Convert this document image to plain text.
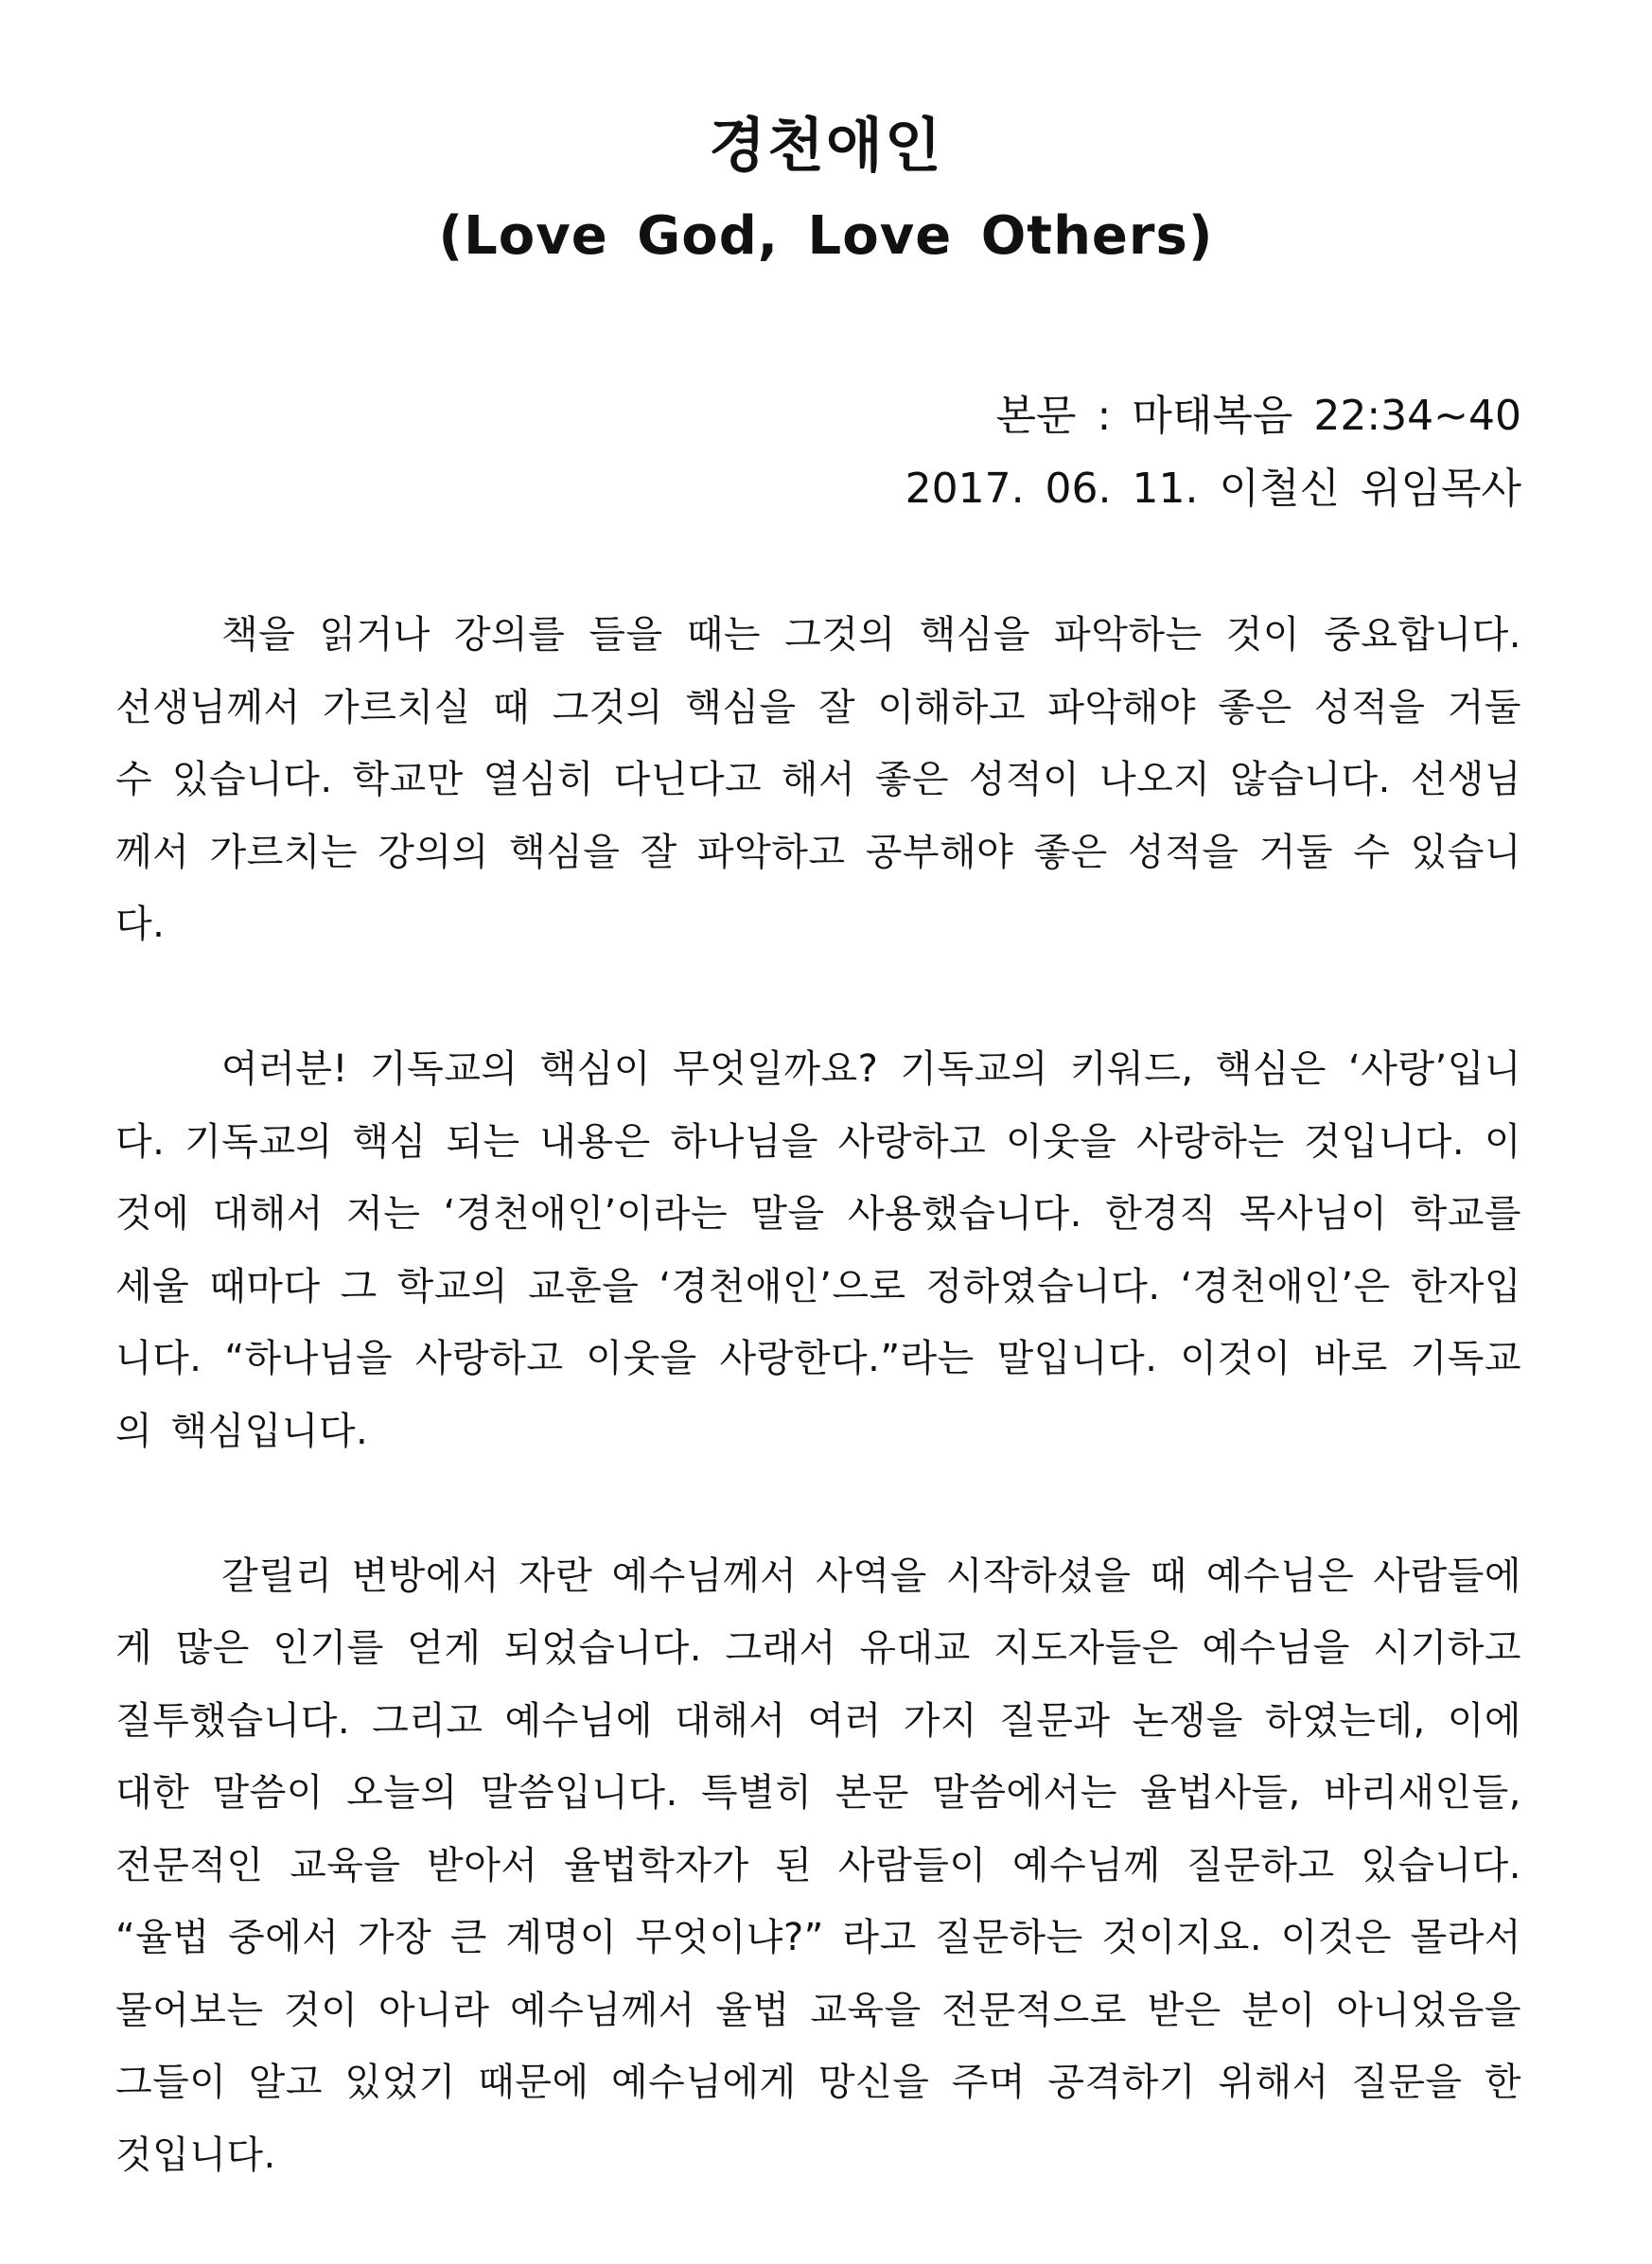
경천애인
(Love God, Love Others)

본문 : 마태복음 22:34~40

2017. 06. 11. 이철신 위임목사

책을 읽거나 강의를 들을 때는 그것의 핵심을 파악하는 것이 중요합니다. 선생님께서 가르치실 때 그것의 핵심을 잘 이해하고 파악해야 좋은 성적을 거둘 수 있습니다. 학교만 열심히 다닌다고 해서 좋은 성적이 나오지 않습니다. 선생님께서 가르치는 강의의 핵심을 잘 파악하고 공부해야 좋은 성적을 거둘 수 있습니다.

여러분! 기독교의 핵심이 무엇일까요? 기독교의 키워드, 핵심은 ‘사랑’입니다. 기독교의 핵심 되는 내용은 하나님을 사랑하고 이웃을 사랑하는 것입니다. 이것에 대해서 저는 ‘경천애인’이라는 말을 사용했습니다. 한경직 목사님이 학교를 세울 때마다 그 학교의 교훈을 ‘경천애인’으로 정하였습니다. ‘경천애인’은 한자입니다. “하나님을 사랑하고 이웃을 사랑한다.”라는 말입니다. 이것이 바로 기독교의 핵심입니다.

갈릴리 변방에서 자란 예수님께서 사역을 시작하셨을 때 예수님은 사람들에게 많은 인기를 얻게 되었습니다. 그래서 유대교 지도자들은 예수님을 시기하고 질투했습니다. 그리고 예수님에 대해서 여러 가지 질문과 논쟁을 하였는데, 이에 대한 말씀이 오늘의 말씀입니다. 특별히 본문 말씀에서는 율법사들, 바리새인들, 전문적인 교육을 받아서 율법학자가 된 사람들이 예수님께 질문하고 있습니다. “율법 중에서 가장 큰 계명이 무엇이냐?” 라고 질문하는 것이지요. 이것은 몰라서 물어보는 것이 아니라 예수님께서 율법 교육을 전문적으로 받은 분이 아니었음을 그들이 알고 있었기 때문에 예수님에게 망신을 주며 공격하기 위해서 질문을 한 것입니다.
